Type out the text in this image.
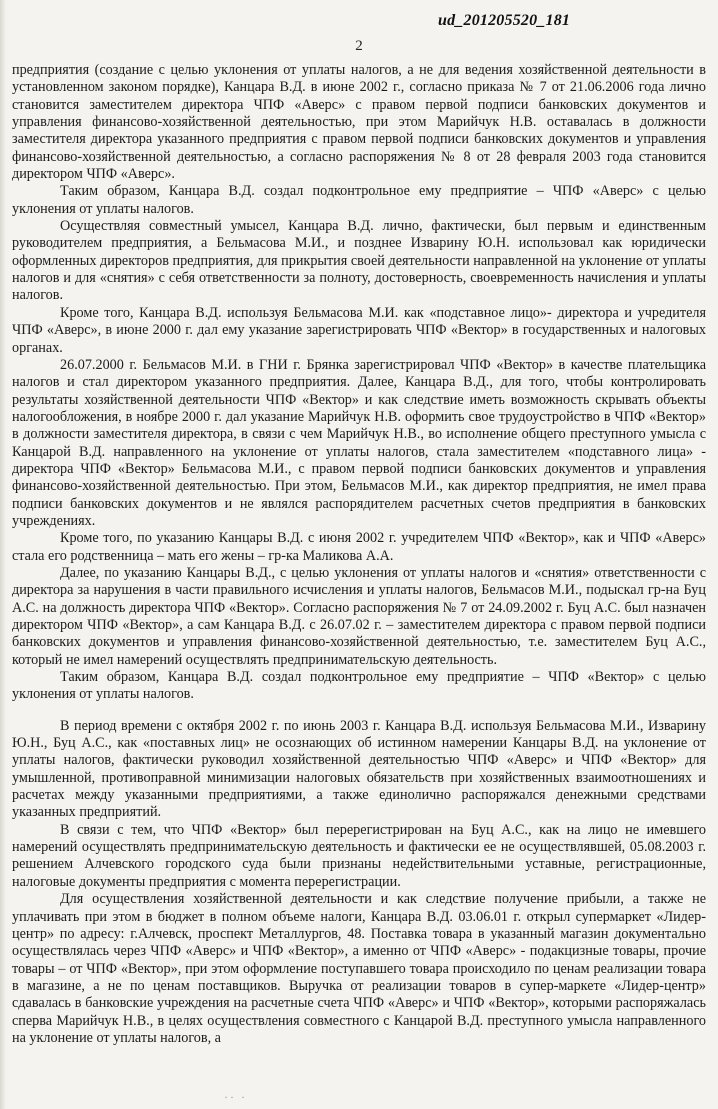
ud_201205520_181
2

предприятия (создание с целью уклонения от уплаты налогов, а не для ведения хозяйственной деятельности в установленном законом порядке), Канцара В.Д. в июне 2002 г., согласно приказа № 7 от 21.06.2006 года лично становится заместителем директора ЧПФ «Аверс» с правом первой подписи банковских документов и управления финансово-хозяйственной деятельностью, при этом Марийчук Н.В. оставалась в должности заместителя директора указанного предприятия с правом первой подписи банковских документов и управления финансово-хозяйственной деятельностью, а согласно распоряжения № 8 от 28 февраля 2003 года становится директором ЧПФ «Аверс».

Таким образом, Канцара В.Д. создал подконтрольное ему предприятие – ЧПФ «Аверс» с целью уклонения от уплаты налогов.

Осуществляя совместный умысел, Канцара В.Д. лично, фактически, был первым и единственным руководителем предприятия, а Бельмасова М.И., и позднее Изварину Ю.Н. использовал как юридически оформленных директоров предприятия, для прикрытия своей деятельности направленной на уклонение от уплаты налогов и для «снятия» с себя ответственности за полноту, достоверность, своевременность начисления и уплаты налогов.

Кроме того, Канцара В.Д. используя Бельмасова М.И. как «подставное лицо»- директора и учредителя ЧПФ «Аверс», в июне 2000 г. дал ему указание зарегистрировать ЧПФ «Вектор» в государственных и налоговых органах.

26.07.2000 г. Бельмасов М.И. в ГНИ г. Брянка зарегистрировал ЧПФ «Вектор» в качестве плательщика налогов и стал директором указанного предприятия. Далее, Канцара В.Д., для того, чтобы контролировать результаты хозяйственной деятельности ЧПФ «Вектор» и как следствие иметь возможность скрывать объекты налогообложения, в ноябре 2000 г. дал указание Марийчук Н.В. оформить свое трудоустройство в ЧПФ «Вектор» в должности заместителя директора, в связи с чем Марийчук Н.В., во исполнение общего преступного умысла с Канцарой В.Д. направленного на уклонение от уплаты налогов, стала заместителем «подставного лица» - директора ЧПФ «Вектор» Бельмасова М.И., с правом первой подписи банковских документов и управления финансово-хозяйственной деятельностью. При этом, Бельмасов М.И., как директор предприятия, не имел права подписи банковских документов и не являлся распорядителем расчетных счетов предприятия в банковских учреждениях.

Кроме того, по указанию Канцары В.Д. с июня 2002 г. учредителем ЧПФ «Вектор», как и ЧПФ «Аверс» стала его родственница – мать его жены – гр-ка Маликова А.А.

Далее, по указанию Канцары В.Д., с целью уклонения от уплаты налогов и «снятия» ответственности с директора за нарушения в части правильного исчисления и уплаты налогов, Бельмасов М.И., подыскал гр-на Буц А.С. на должность директора ЧПФ «Вектор». Согласно распоряжения № 7 от 24.09.2002 г. Буц А.С. был назначен директором ЧПФ «Вектор», а сам Канцара В.Д. с 26.07.02 г. – заместителем директора с правом первой подписи банковских документов и управления финансово-хозяйственной деятельностью, т.е. заместителем Буц А.С., который не имел намерений осуществлять предпринимательскую деятельность.

Таким образом, Канцара В.Д. создал подконтрольное ему предприятие – ЧПФ «Вектор» с целью уклонения от уплаты налогов.

В период времени с октября 2002 г. по июнь 2003 г. Канцара В.Д. используя Бельмасова М.И., Изварину Ю.Н., Буц А.С., как «поставных лиц» не осознающих об истинном намерении Канцары В.Д. на уклонение от уплаты налогов, фактически руководил хозяйственной деятельностью ЧПФ «Аверс» и ЧПФ «Вектор» для умышленной, противоправной минимизации налоговых обязательств при хозяйственных взаимоотношениях и расчетах между указанными предприятиями, а также единолично распоряжался денежными средствами указанных предприятий.

В связи с тем, что ЧПФ «Вектор» был перерегистрирован на Буц А.С., как на лицо не имевшего намерений осуществлять предпринимательскую деятельность и фактически ее не осуществлявшей, 05.08.2003 г. решением Алчевского городского суда были признаны недействительными уставные, регистрационные, налоговые документы предприятия с момента перерегистрации.

Для осуществления хозяйственной деятельности и как следствие получение прибыли, а также не уплачивать при этом в бюджет в полном объеме налоги, Канцара В.Д. 03.06.01 г. открыл супермаркет «Лидер-центр» по адресу: г.Алчевск, проспект Металлургов, 48. Поставка товара в указанный магазин документально осуществлялась через ЧПФ «Аверс» и ЧПФ «Вектор», а именно от ЧПФ «Аверс» - подакцизные товары, прочие товары – от ЧПФ «Вектор», при этом оформление поступавшего товара происходило по ценам реализации товара в магазине, а не по ценам поставщиков. Выручка от реализации товаров в супер-маркете «Лидер-центр» сдавалась в банковские учреждения на расчетные счета ЧПФ «Аверс» и ЧПФ «Вектор», которыми распоряжалась сперва Марийчук Н.В., в целях осуществления совместного с Канцарой В.Д. преступного умысла направленного на уклонение от уплаты налогов, а

·· ·
